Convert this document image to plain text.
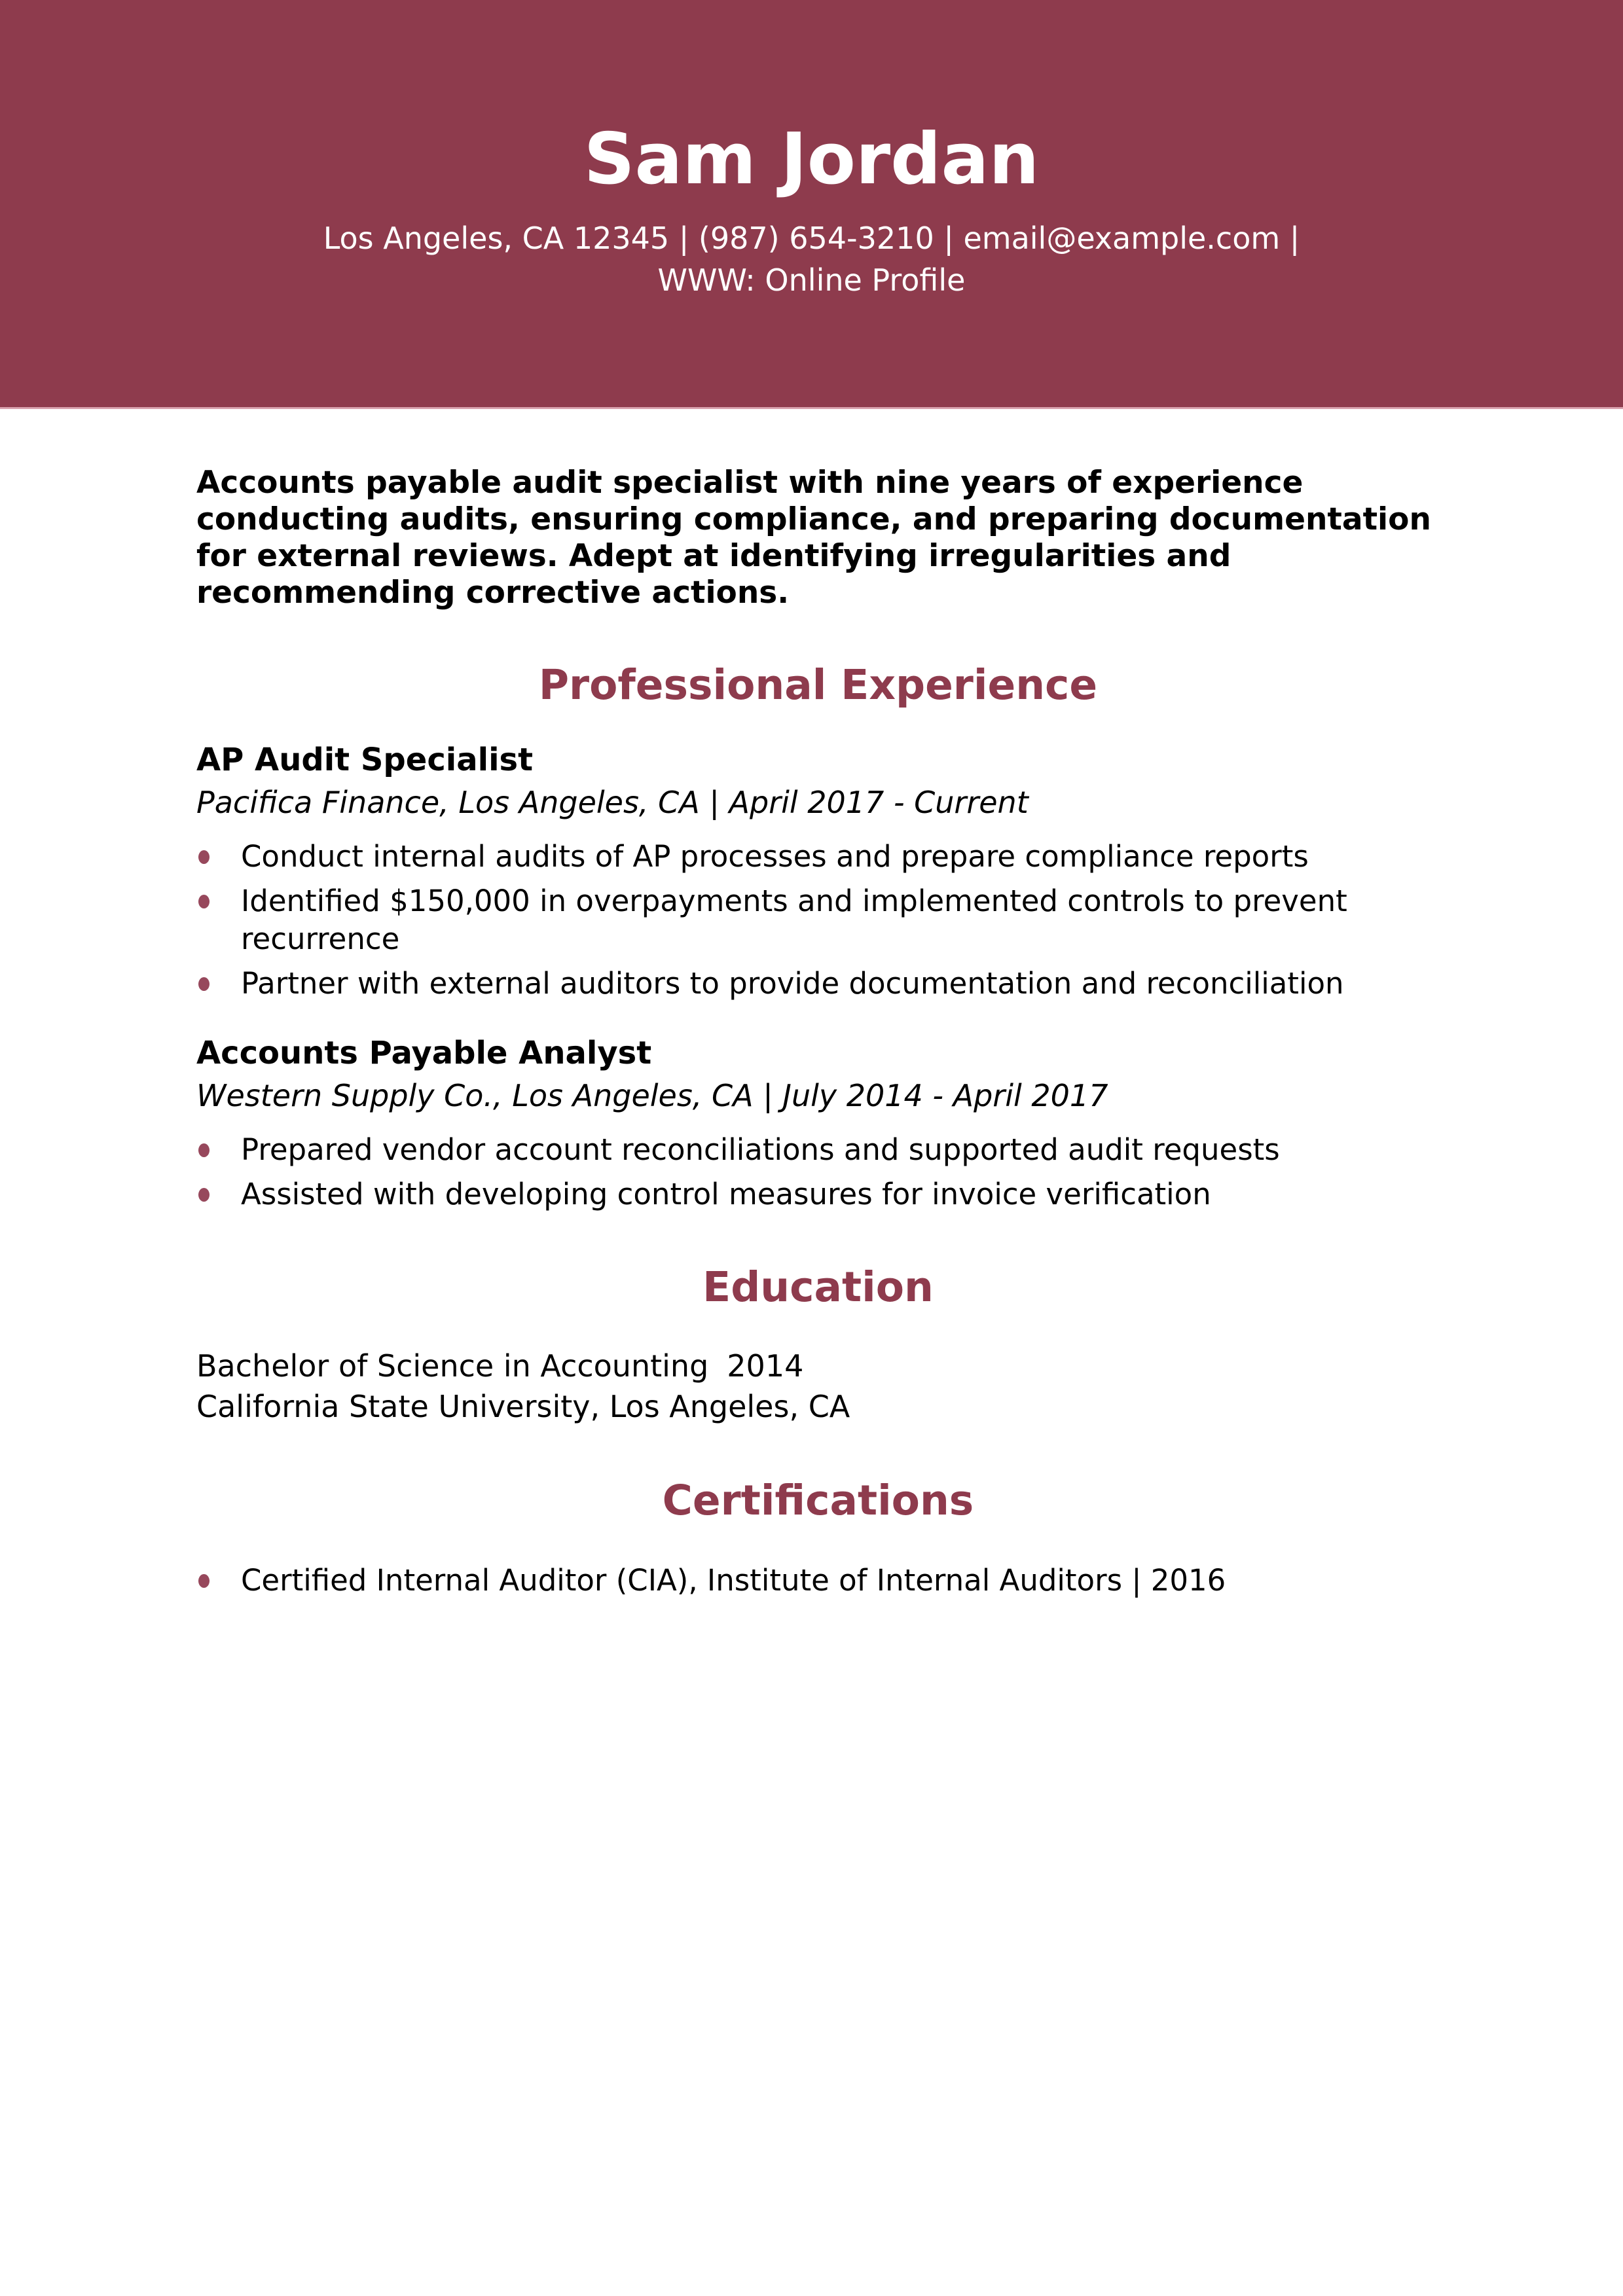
Sam Jordan
Los Angeles, CA 12345 | (987) 654-3210 | email@example.com |
WWW: Online Profile
Accounts payable audit specialist with nine years of experience conducting audits, ensuring compliance, and preparing documentation for external reviews. Adept at identifying irregularities and recommending corrective actions.
Professional Experience
AP Audit Specialist
Pacifica Finance, Los Angeles, CA | April 2017 - Current
Conduct internal audits of AP processes and prepare compliance reports
Identified $150,000 in overpayments and implemented controls to prevent recurrence
Partner with external auditors to provide documentation and reconciliation
Accounts Payable Analyst
Western Supply Co., Los Angeles, CA | July 2014 - April 2017
Prepared vendor account reconciliations and supported audit requests
Assisted with developing control measures for invoice verification
Education
Bachelor of Science in Accounting 2014
California State University, Los Angeles, CA
Certifications
Certified Internal Auditor (CIA), Institute of Internal Auditors | 2016
